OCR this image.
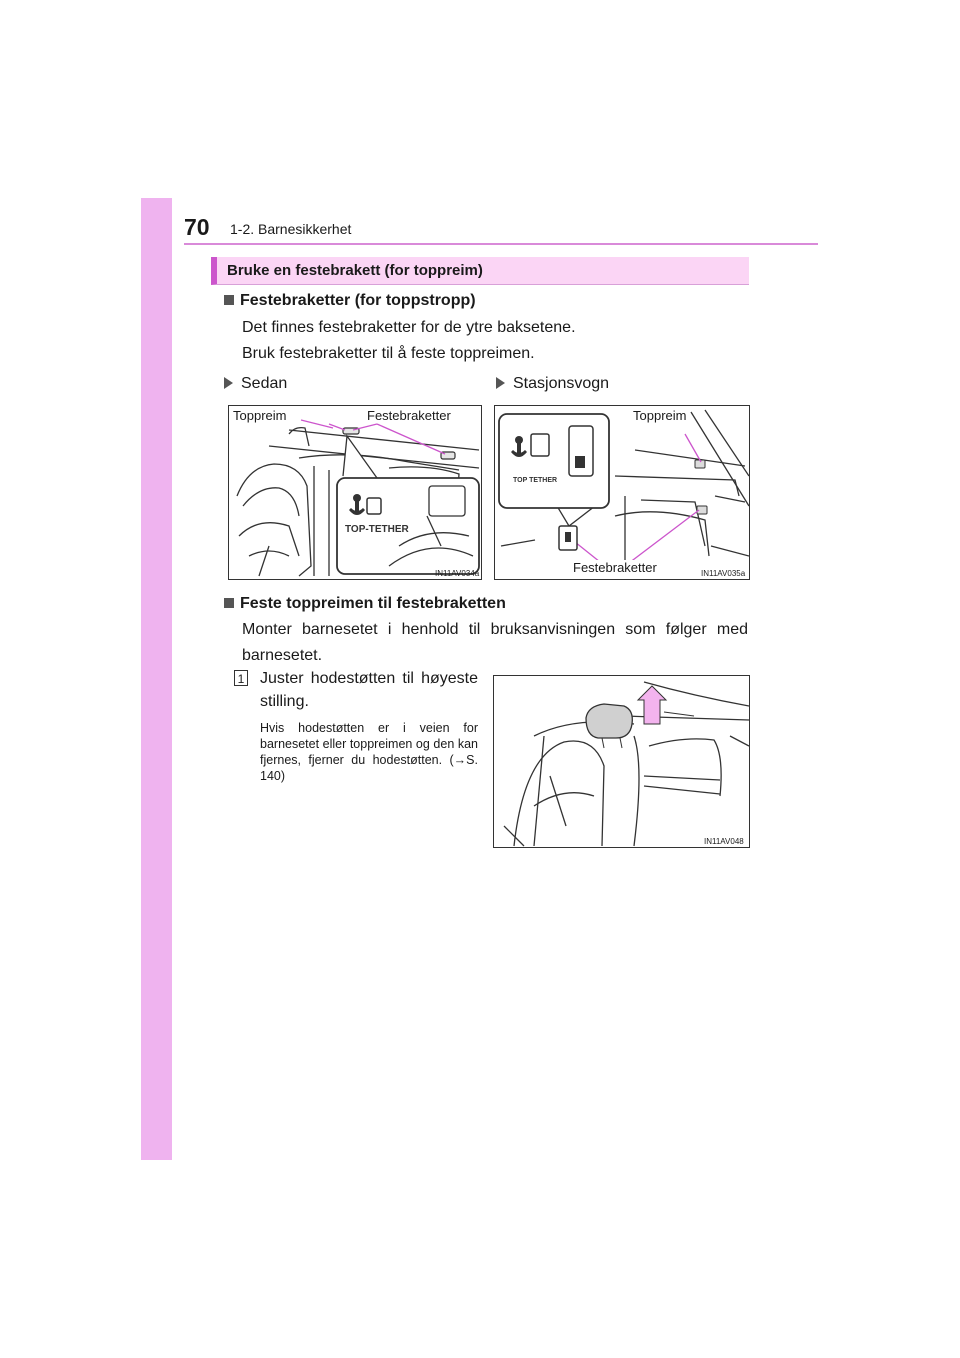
70 1-2. Barnesikkerhet
Bruke en festebrakett (for toppreim)
Festebraketter (for toppstropp)
Det finnes festebraketter for de ytre baksetene.
Bruk festebraketter til å feste toppreimen.
Sedan	Stasjonsvogn
TOP-TETHER
Toppreim	Festebraketter
IN11AV034a
TOP TETHER
Toppreim
Festebraketter	IN11AV035a
Feste toppreimen til festebraketten
Monter barnesetet i henhold til bruksanvisningen som følger med barnesetet.
1 Juster hodestøtten til høyeste stilling.
Hvis hodestøtten er i veien for barnesetet eller toppreimen og den kan fjernes, fjerner du hodestøtten. (→S. 140)
IN11AV048
